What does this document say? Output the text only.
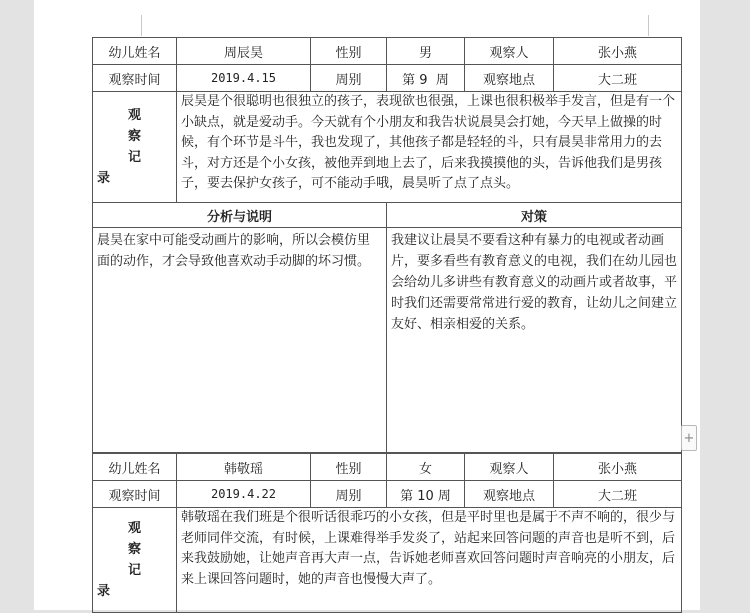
幼儿姓名	周辰昊	性别	男	观察人	张小燕
观察时间	2019.4.15	周别	第 9  周	观察地点	大二班

观
察
记
录	辰昊是个很聪明也很独立的孩子，表现欲也很强，上课也很积极举手发言，但是有一个小缺点，就是爱动手。今天就有个小朋友和我告状说晨昊会打她，今天早上做操的时候，有个环节是斗牛，我也发现了，其他孩子都是轻轻的斗，只有晨昊非常用力的去斗，对方还是个小女孩，被他弄到地上去了，后来我摸摸他的头，告诉他我们是男孩子，要去保护女孩子，可不能动手哦，晨昊听了点了点头。				
分析与说明			对策		
晨昊在家中可能受动画片的影响，所以会模仿里面的动作，才会导致他喜欢动手动脚的坏习惯。			我建议让晨昊不要看这种有暴力的电视或者动画片，要多看些有教育意义的电视，我们在幼儿园也会给幼儿多讲些有教育意义的动画片或者故事，平时我们还需要常常进行爱的教育，让幼儿之间建立友好、相亲相爱的关系。		
幼儿姓名	韩敬瑶	性别	女	观察人	张小燕
观察时间	2019.4.22	周别	第 10 周	观察地点	大二班

观
察
记
录	韩敬瑶在我们班是个很听话很乖巧的小女孩，但是平时里也是属于不声不响的，很少与老师同伴交流，有时候，上课难得举手发炎了，站起来回答问题的声音也是听不到，后来我鼓励她，让她声音再大声一点，告诉她老师喜欢回答问题时声音响亮的小朋友，后来上课回答问题时，她的声音也慢慢大声了。				
+
